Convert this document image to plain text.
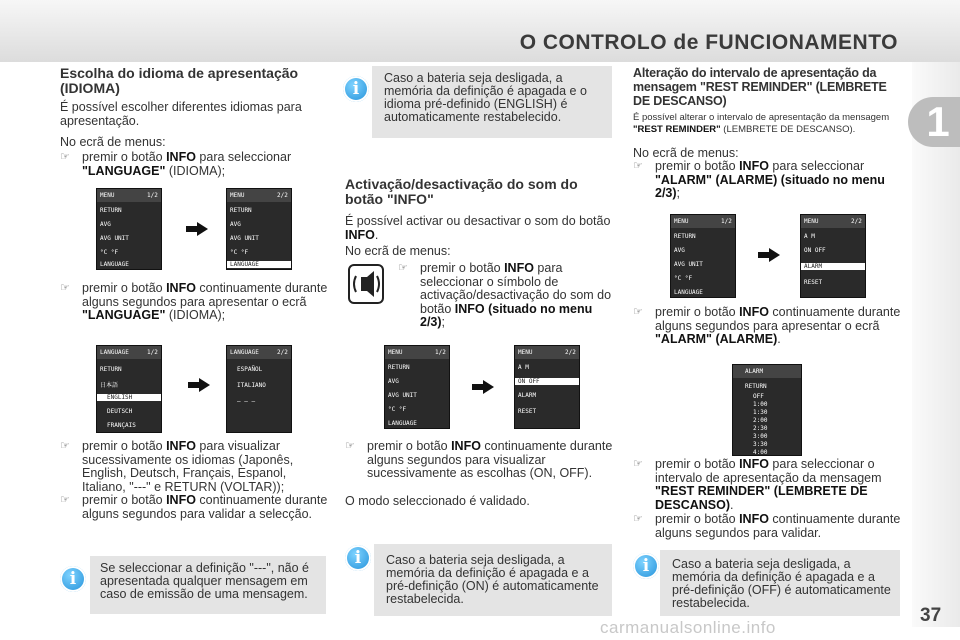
O CONTROLO de FUNCIONAMENTO
1
Escolha do idioma de apresentação (IDIOMA)
É possível escolher diferentes idiomas para apresentação.
No ecrã de menus:
☞ premir o botão INFO para seleccionar "LANGUAGE" (IDIOMA);
MENU	1/2
RETURN
AVG
AVG UNIT
°C °F
LANGUAGE
MENU	2/2
RETURN
AVG
AVG UNIT
°C °F
LANGUAGE
☞ premir o botão INFO continuamente durante alguns segundos para apresentar o ecrã "LANGUAGE" (IDIOMA);
LANGUAGE	1/2
RETURN
日本語
ENGLISH
DEUTSCH
FRANÇAIS
LANGUAGE	2/2
ESPAÑOL
ITALIANO
— — —
☞ premir o botão INFO para visualizar sucessivamente os idiomas (Japonês, English, Deutsch, Français, Espanol, Italiano, "---" e RETURN (VOLTAR));
☞ premir o botão INFO continuamente durante alguns segundos para validar a selecção.
Se seleccionar a definição "---", não é apresentada qualquer mensagem em caso de emissão de uma mensagem.
i
Caso a bateria seja desligada, a memória da definição é apagada e o idioma pré-definido (ENGLISH) é automaticamente restabelecido.
i
Activação/desactivação do som do botão "INFO"
É possível activar ou desactivar o som do botão INFO.
No ecrã de menus:
☞ premir o botão INFO para seleccionar o símbolo de activação/desactivação do som do botão INFO (situado no menu 2/3);
MENU	1/2
RETURN
AVG
AVG UNIT
°C °F
LANGUAGE
MENU	2/2
A M
ON OFF
ALARM
RESET
☞ premir o botão INFO continuamente durante alguns segundos para visualizar sucessivamente as escolhas (ON, OFF).
O modo seleccionado é validado.
Caso a bateria seja desligada, a memória da definição é apagada e a pré-definição (ON) é automaticamente restabelecida.
i
Alteração do intervalo de apresentação da mensagem "REST REMINDER" (LEMBRETE DE DESCANSO)
É possível alterar o intervalo de apresentação da mensagem "REST REMINDER" (LEMBRETE DE DESCANSO).
No ecrã de menus:
☞ premir o botão INFO para seleccionar "ALARM" (ALARME) (situado no menu 2/3);
MENU	1/2
RETURN
AVG
AVG UNIT
°C °F
LANGUAGE
MENU	2/2
A M
ON OFF
ALARM
RESET
☞ premir o botão INFO continuamente durante alguns segundos para apresentar o ecrã "ALARM" (ALARME).
ALARM
RETURN
OFF
1:00
1:30
2:00
2:30
3:00
3:30
4:00
☞ premir o botão INFO para seleccionar o intervalo de apresentação da mensagem "REST REMINDER" (LEMBRETE DE DESCANSO).
☞ premir o botão INFO continuamente durante alguns segundos para validar.
Caso a bateria seja desligada, a memória da definição é apagada e a pré-definição (OFF) é automaticamente restabelecida.
i
37
carmanualsonline.info
